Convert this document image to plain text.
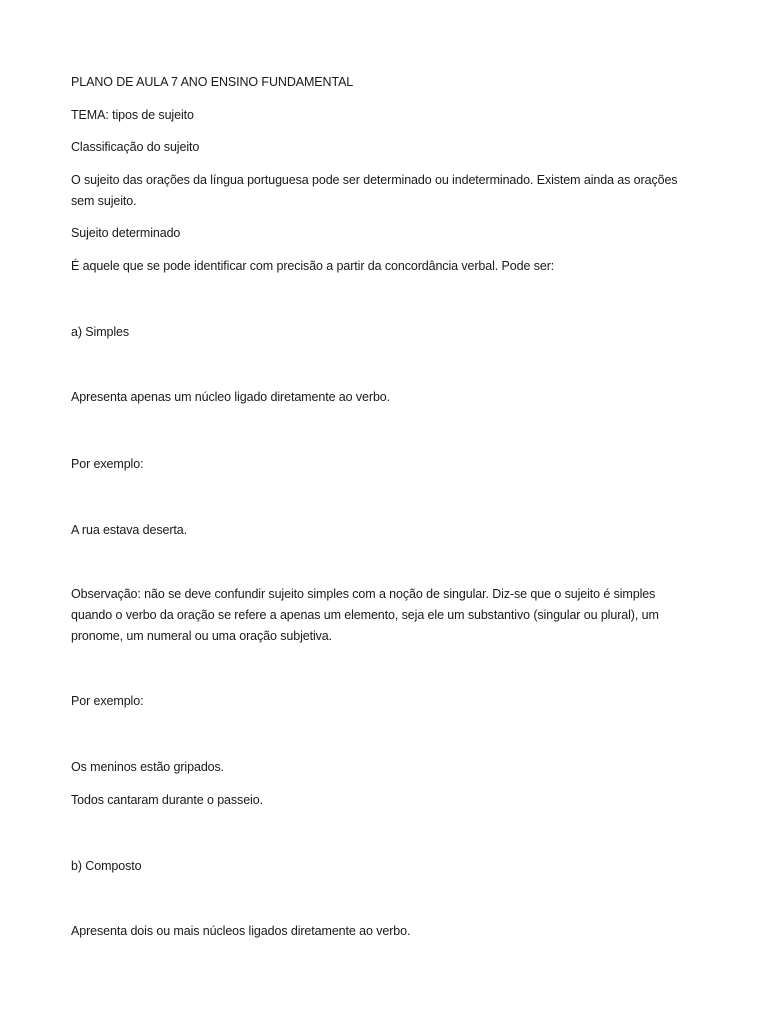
PLANO DE AULA 7 ANO ENSINO FUNDAMENTAL
TEMA: tipos de sujeito
Classificação do sujeito
O sujeito das orações da língua portuguesa pode ser determinado ou indeterminado. Existem ainda as orações
sem sujeito.
Sujeito determinado
É aquele que se pode identificar com precisão a partir da concordância verbal. Pode ser:
a) Simples
Apresenta apenas um núcleo ligado diretamente ao verbo.
Por exemplo:
A rua estava deserta.
Observação: não se deve confundir sujeito simples com a noção de singular. Diz-se que o sujeito é simples
quando o verbo da oração se refere a apenas um elemento, seja ele um substantivo (singular ou plural), um
pronome, um numeral ou uma oração subjetiva.
Por exemplo:
Os meninos estão gripados.
Todos cantaram durante o passeio.
b) Composto
Apresenta dois ou mais núcleos ligados diretamente ao verbo.
